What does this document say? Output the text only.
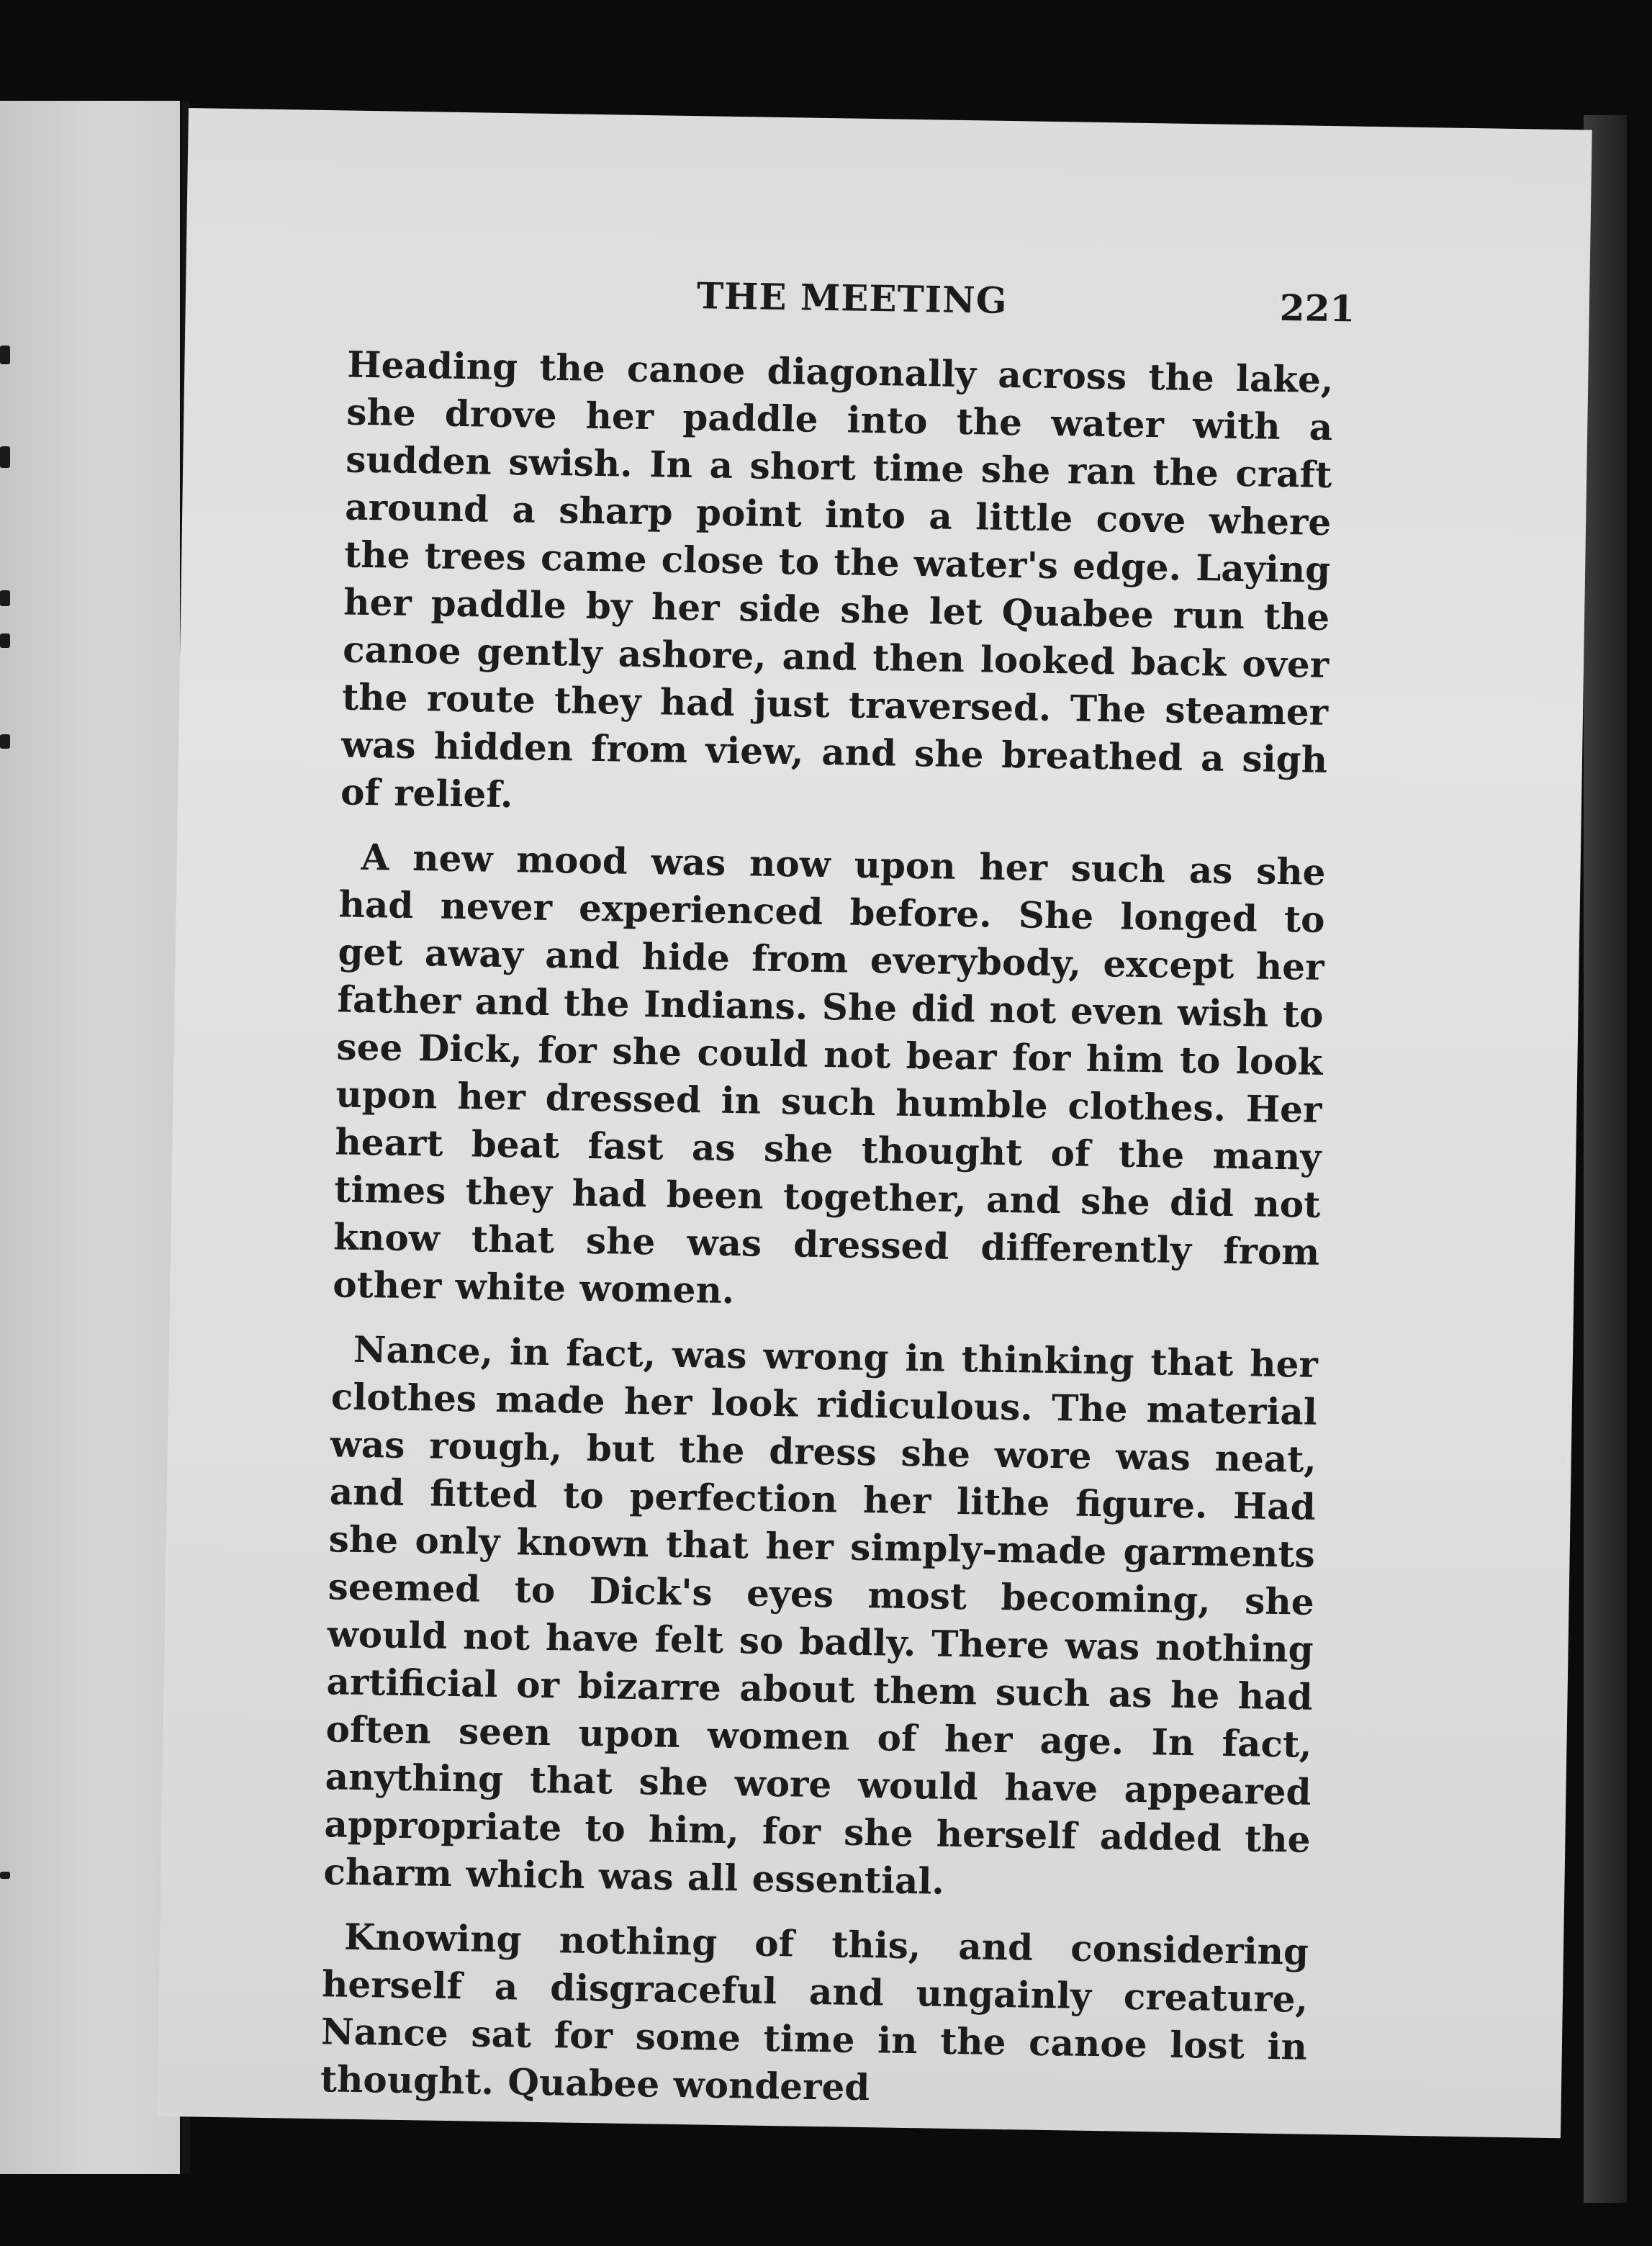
THE MEETING	221

Heading the canoe diagonally across the lake, she drove her paddle into the water with a sudden swish. In a short time she ran the craft around a sharp point into a little cove where the trees came close to the water's edge. Laying her paddle by her side she let Quabee run the canoe gently ashore, and then looked back over the route they had just traversed. The steamer was hidden from view, and she breathed a sigh of relief.

A new mood was now upon her such as she had never experienced before. She longed to get away and hide from everybody, except her father and the Indians. She did not even wish to see Dick, for she could not bear for him to look upon her dressed in such humble clothes. Her heart beat fast as she thought of the many times they had been together, and she did not know that she was dressed differently from other white women.

Nance, in fact, was wrong in thinking that her clothes made her look ridiculous. The material was rough, but the dress she wore was neat, and fitted to perfection her lithe figure. Had she only known that her simply-made garments seemed to Dick's eyes most becoming, she would not have felt so badly. There was nothing artificial or bizarre about them such as he had often seen upon women of her age. In fact, anything that she wore would have appeared appropriate to him, for she herself added the charm which was all essential.

Knowing nothing of this, and considering herself a disgraceful and ungainly creature, Nance sat for some time in the canoe lost in thought. Quabee wondered
